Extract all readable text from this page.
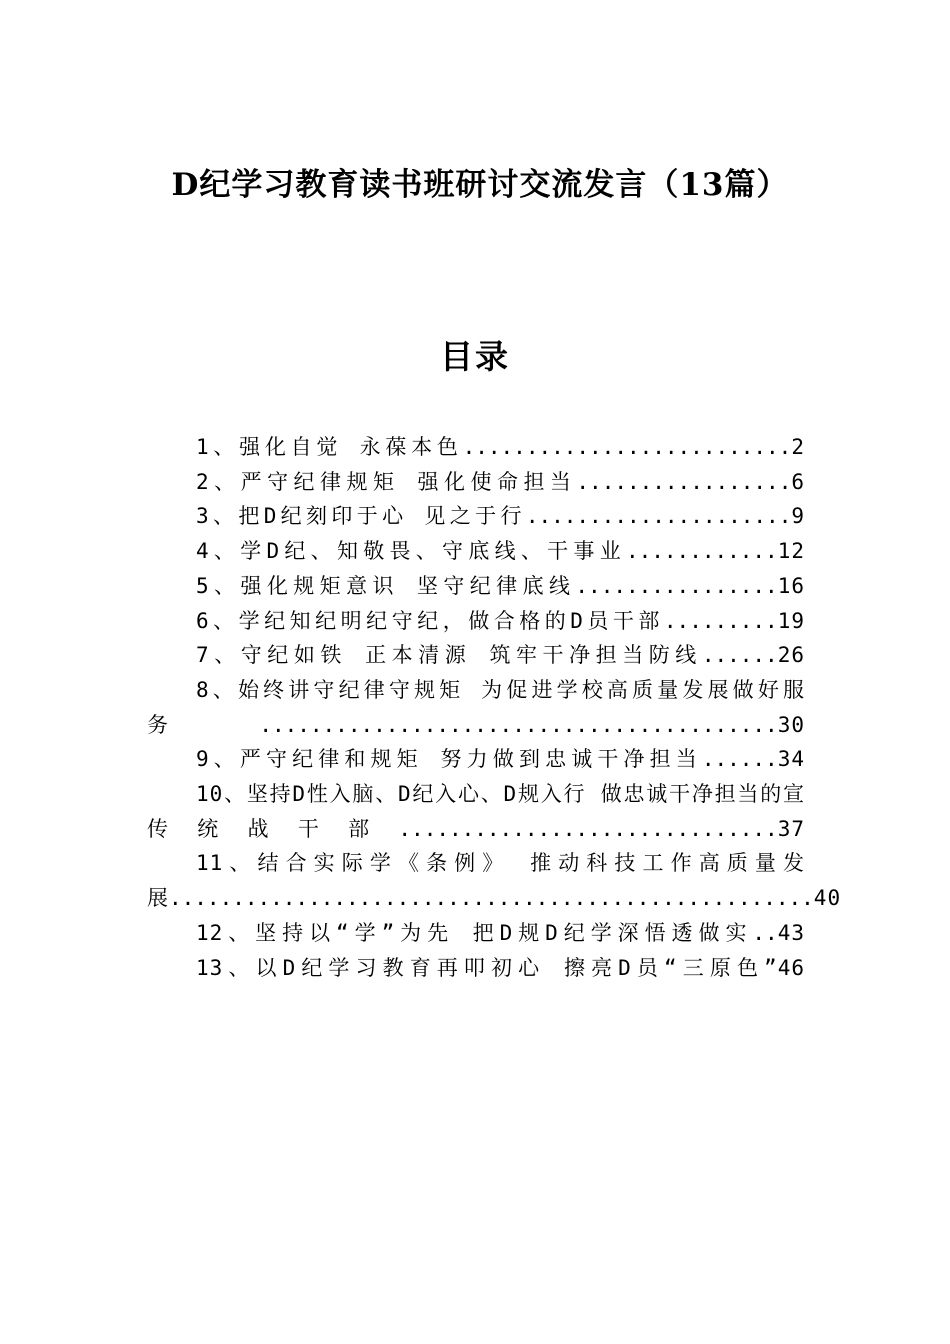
D纪学习教育读书班研讨交流发言（13篇）
目录
1、强化自觉 永葆本色..........................2
2、严守纪律规矩 强化使命担当.................6
3、把D纪刻印于心 见之于行.....................9
4、学D纪、知敬畏、守底线、干事业............12
5、强化规矩意识 坚守纪律底线................16
6、学纪知纪明纪守纪，做合格的D员干部.........19
7、守纪如铁 正本清源 筑牢干净担当防线......26
8、始终讲守纪律守规矩 为促进学校高质量发展做好服务.........................................30
9、严守纪律和规矩 努力做到忠诚干净担当......34
10、坚持D性入脑、D纪入心、D规入行 做忠诚干净担当的宣传统战干部..............................37
11、结合实际学《条例》 推动科技工作高质量发展...................................................40
12、坚持以“学”为先 把D规D纪学深悟透做实..43
13、以D纪学习教育再叩初心 擦亮D员“三原色”46
